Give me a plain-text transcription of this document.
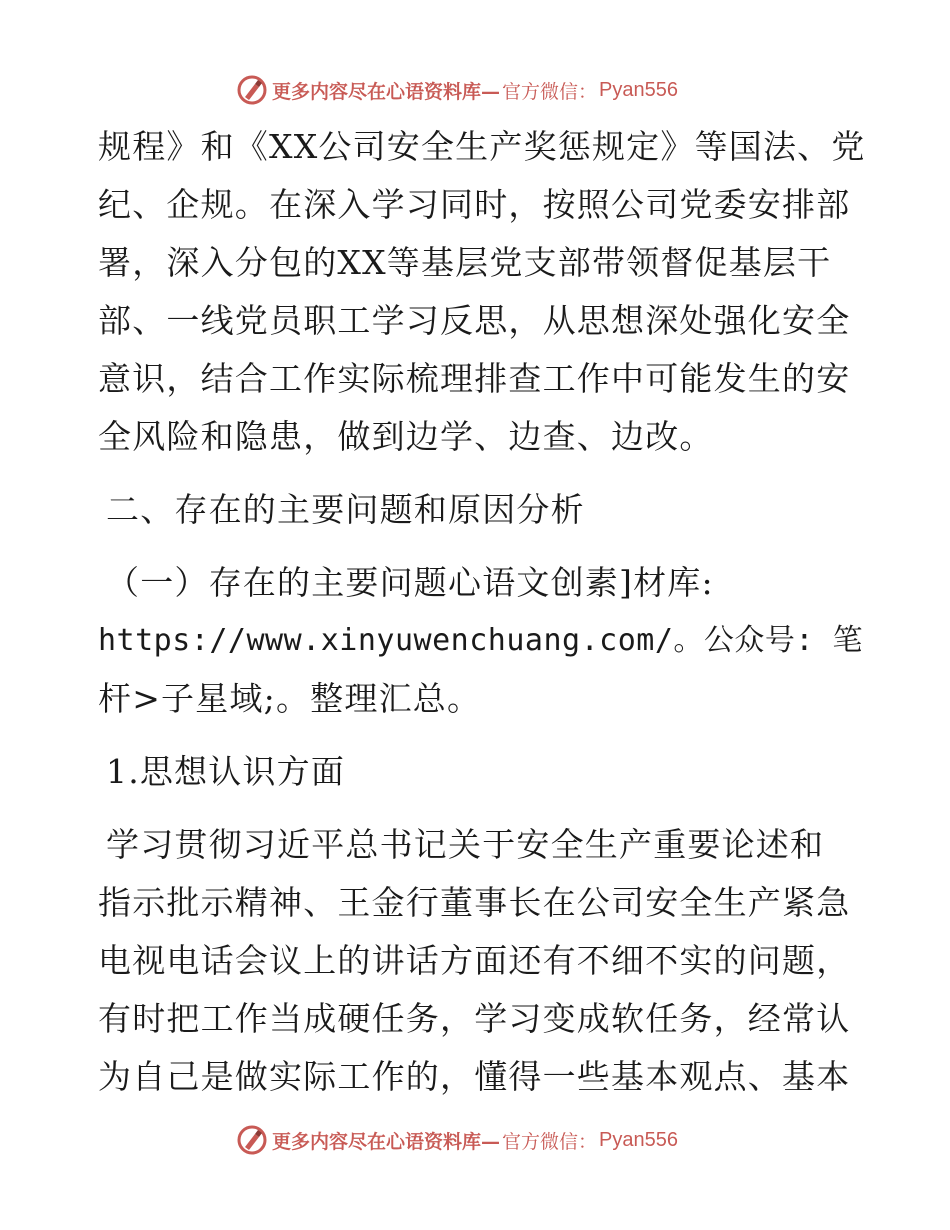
更多内容尽在心语资料库— 官方微信： Pyan556
规程》和《XX公司安全生产奖惩规定》等国法、党
纪、企规。在深入学习同时，按照公司党委安排部
署，深入分包的XX等基层党支部带领督促基层干
部、一线党员职工学习反思，从思想深处强化安全
意识，结合工作实际梳理排查工作中可能发生的安
全风险和隐患，做到边学、边查、边改。
二、存在的主要问题和原因分析
（一）存在的主要问题心语文创素]材库:
https://www.xinyuwenchuang.com/。公众号: 笔
杆>子星域;。整理汇总。
1.思想认识方面
学习贯彻习近平总书记关于安全生产重要论述和
指示批示精神、王金行董事长在公司安全生产紧急
电视电话会议上的讲话方面还有不细不实的问题，
有时把工作当成硬任务，学习变成软任务，经常认
为自己是做实际工作的，懂得一些基本观点、基本
更多内容尽在心语资料库— 官方微信： Pyan556
